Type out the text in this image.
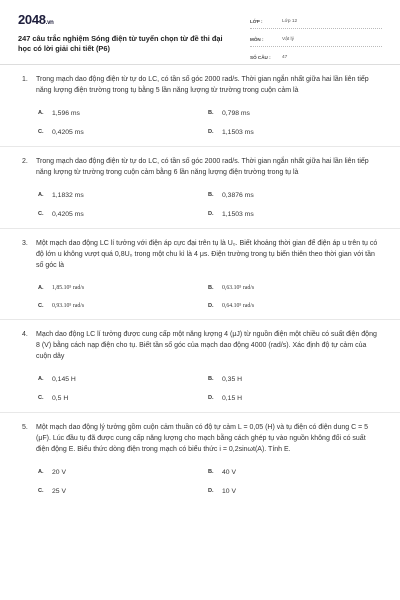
2048.vn
247 câu trắc nghiệm Sóng điện từ tuyển chọn từ đề thi đại học có lời giải chi tiết (P6)
LỚP :	Lớp 12
MÔN :	Vật lý
SỐ CÂU :	47
1.	Trong mạch dao động điện từ tự do LC, có tần số góc 2000 rad/s. Thời gian ngắn nhất giữa hai lần liên tiếp năng lượng điện trường trong tụ bằng 5 lần năng lượng từ trường trong cuộn cảm là
A.	1,596 ms	B.	0,798 ms
C.	0,4205 ms	D.	1,1503 ms
2.	Trong mạch dao động điện từ tự do LC, có tần số góc 2000 rad/s. Thời gian ngắn nhất giữa hai lần liên tiếp năng lượng từ trường trong cuộn cảm bằng 6 lần năng lượng điện trường trong tụ là
A.	1,1832 ms	B.	0,3876 ms
C.	0,4205 ms	D.	1,1503 ms
3.	Một mạch dao động LC lí tưởng với điện áp cực đại trên tụ là U₀. Biết khoảng thời gian để điện áp u trên tụ có độ lớn u không vượt quá 0,8U₀ trong một chu kì là 4 μs. Điện trường trong tụ biến thiên theo thời gian với tần số góc là
A.	1,85.10⁵ rad/s	B.	0,63.10⁵ rad/s
C.	0,93.10⁵ rad/s	D.	0,64.10⁵ rad/s
4.	Mạch dao động LC lí tưởng được cung cấp một năng lượng 4 (μJ) từ nguồn điện một chiều có suất điện động 8 (V) bằng cách nạp điện cho tụ. Biết tần số góc của mạch dao động 4000 (rad/s). Xác định độ tự cảm của cuộn dây
A.	0,145 H	B.	0,35 H
C.	0,5 H	D.	0,15 H
5.	Một mạch dao động lý tưởng gồm cuộn cảm thuần có độ tự cảm L = 0,05 (H) và tụ điện có điện dung C = 5 (μF). Lúc đầu tụ đã được cung cấp năng lượng cho mạch bằng cách ghép tụ vào nguồn không đổi có suất điện động E. Biểu thức dòng điện trong mạch có biểu thức i = 0,2sinωt(A). Tính E.
A.	20 V	B.	40 V
C.	25 V	D.	10 V
